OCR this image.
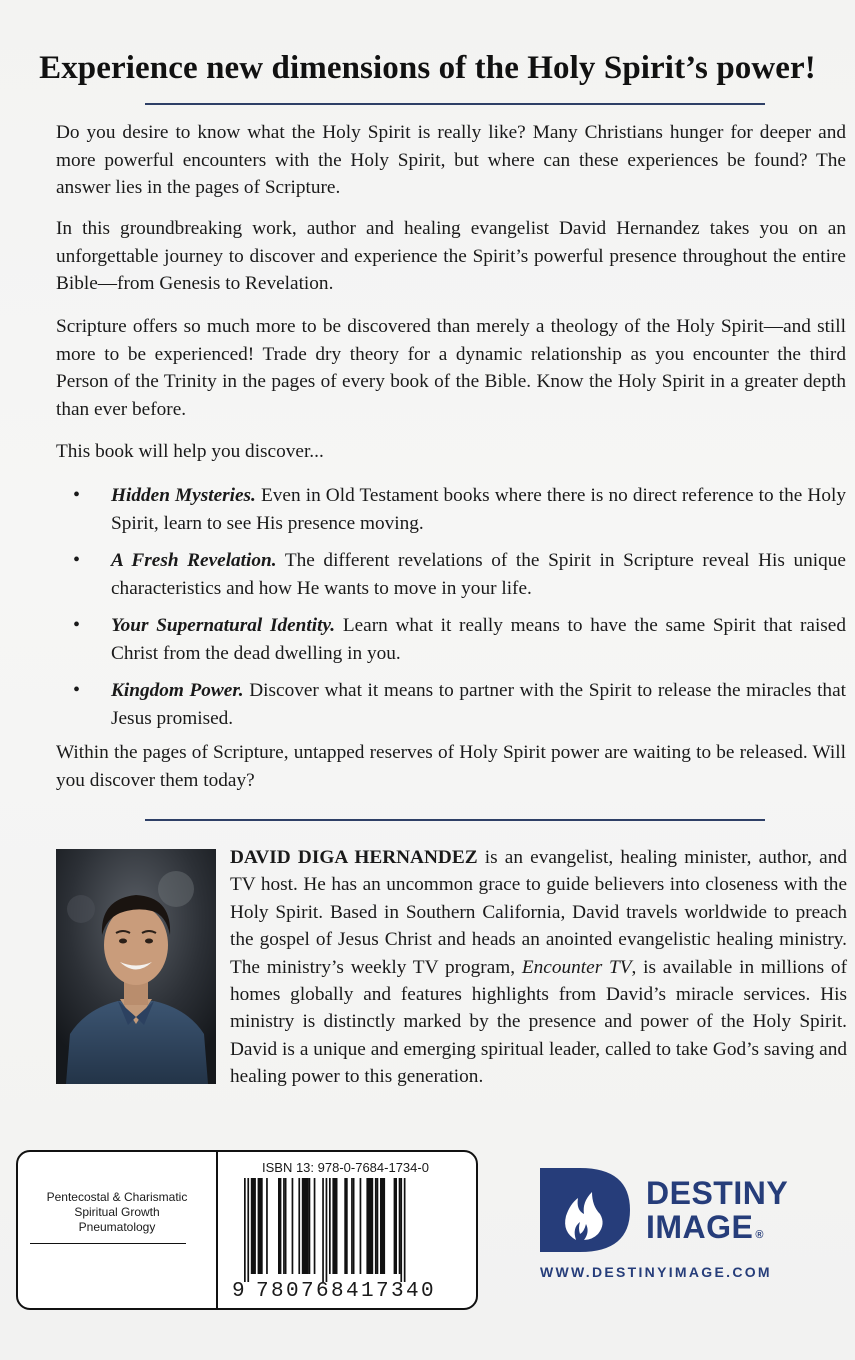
Experience new dimensions of the Holy Spirit’s power!

Do you desire to know what the Holy Spirit is really like? Many Christians hunger for deeper and more powerful encounters with the Holy Spirit, but where can these experiences be found? The answer lies in the pages of Scripture.

In this groundbreaking work, author and healing evangelist David Hernandez takes you on an unforgettable journey to discover and experience the Spirit’s powerful presence throughout the entire Bible—from Genesis to Revelation.

Scripture offers so much more to be discovered than merely a theology of the Holy Spirit—and still more to be experienced! Trade dry theory for a dynamic relationship as you encounter the third Person of the Trinity in the pages of every book of the Bible. Know the Holy Spirit in a greater depth than ever before.

This book will help you discover...

• Hidden Mysteries. Even in Old Testament books where there is no direct reference to the Holy Spirit, learn to see His presence moving.
• A Fresh Revelation. The different revelations of the Spirit in Scripture reveal His unique characteristics and how He wants to move in your life.
• Your Supernatural Identity. Learn what it really means to have the same Spirit that raised Christ from the dead dwelling in you.
• Kingdom Power. Discover what it means to partner with the Spirit to release the miracles that Jesus promised.

Within the pages of Scripture, untapped reserves of Holy Spirit power are waiting to be released. Will you discover them today?

DAVID DIGA HERNANDEZ is an evangelist, healing minister, author, and TV host. He has an uncommon grace to guide believers into closeness with the Holy Spirit. Based in Southern California, David travels worldwide to preach the gospel of Jesus Christ and heads an anointed evangelistic healing ministry. The ministry’s weekly TV program, Encounter TV, is available in millions of homes globally and features highlights from David’s miracle services. His ministry is distinctly marked by the presence and power of the Holy Spirit. David is a unique and emerging spiritual leader, called to take God’s saving and healing power to this generation.

Pentecostal & Charismatic
Spiritual Growth
Pneumatology
ISBN 13: 978-0-7684-1734-0
9 780768417340
DESTINY
IMAGE ®
WWW.DESTINYIMAGE.COM
